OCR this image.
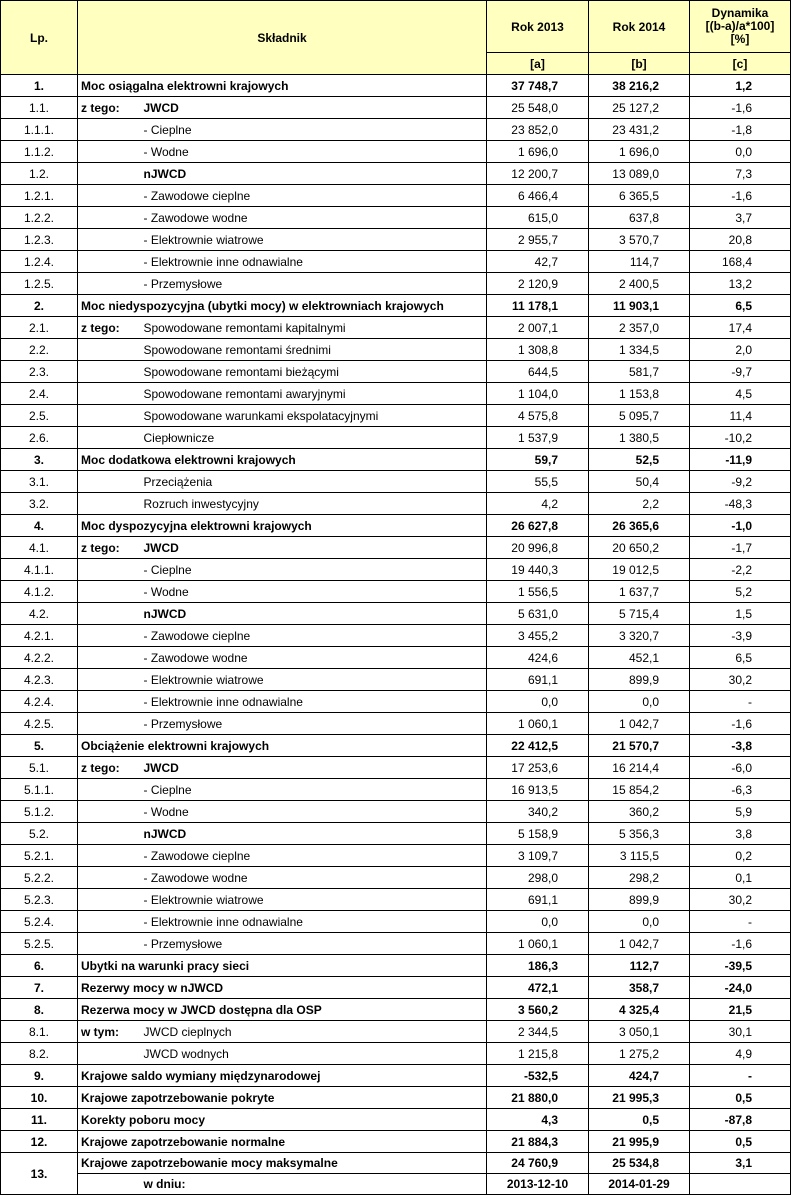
Lp.	Składnik		Rok 2013	Rok 2014	Dynamika
[(b-a)/a*100]
[%]
			[a]	[b]	[c]
1.	Moc osiągalna elektrowni krajowych		37 748,7	38 216,2	1,2
1.1.	z tego:	JWCD	25 548,0	25 127,2	-1,6
1.1.1.		- Cieplne	23 852,0	23 431,2	-1,8
1.1.2.		- Wodne	1 696,0	1 696,0	0,0
1.2.		nJWCD	12 200,7	13 089,0	7,3
1.2.1.		- Zawodowe cieplne	6 466,4	6 365,5	-1,6
1.2.2.		- Zawodowe wodne	615,0	637,8	3,7
1.2.3.		- Elektrownie wiatrowe	2 955,7	3 570,7	20,8
1.2.4.		- Elektrownie inne odnawialne	42,7	114,7	168,4
1.2.5.		- Przemysłowe	2 120,9	2 400,5	13,2
2.	Moc niedyspozycyjna (ubytki mocy) w elektrowniach krajowych		11 178,1	11 903,1	6,5
2.1.	z tego:	Spowodowane remontami kapitalnymi	2 007,1	2 357,0	17,4
2.2.		Spowodowane remontami średnimi	1 308,8	1 334,5	2,0
2.3.		Spowodowane remontami bieżącymi	644,5	581,7	-9,7
2.4.		Spowodowane remontami awaryjnymi	1 104,0	1 153,8	4,5
2.5.		Spowodowane warunkami ekspolatacyjnymi	4 575,8	5 095,7	11,4
2.6.		Ciepłownicze	1 537,9	1 380,5	-10,2
3.	Moc dodatkowa elektrowni krajowych		59,7	52,5	-11,9
3.1.		Przeciążenia	55,5	50,4	-9,2
3.2.		Rozruch inwestycyjny	4,2	2,2	-48,3
4.	Moc dyspozycyjna elektrowni krajowych		26 627,8	26 365,6	-1,0
4.1.	z tego:	JWCD	20 996,8	20 650,2	-1,7
4.1.1.		- Cieplne	19 440,3	19 012,5	-2,2
4.1.2.		- Wodne	1 556,5	1 637,7	5,2
4.2.		nJWCD	5 631,0	5 715,4	1,5
4.2.1.		- Zawodowe cieplne	3 455,2	3 320,7	-3,9
4.2.2.		- Zawodowe wodne	424,6	452,1	6,5
4.2.3.		- Elektrownie wiatrowe	691,1	899,9	30,2
4.2.4.		- Elektrownie inne odnawialne	0,0	0,0	-
4.2.5.		- Przemysłowe	1 060,1	1 042,7	-1,6
5.	Obciążenie elektrowni krajowych		22 412,5	21 570,7	-3,8
5.1.	z tego:	JWCD	17 253,6	16 214,4	-6,0
5.1.1.		- Cieplne	16 913,5	15 854,2	-6,3
5.1.2.		- Wodne	340,2	360,2	5,9
5.2.		nJWCD	5 158,9	5 356,3	3,8
5.2.1.		- Zawodowe cieplne	3 109,7	3 115,5	0,2
5.2.2.		- Zawodowe wodne	298,0	298,2	0,1
5.2.3.		- Elektrownie wiatrowe	691,1	899,9	30,2
5.2.4.		- Elektrownie inne odnawialne	0,0	0,0	-
5.2.5.		- Przemysłowe	1 060,1	1 042,7	-1,6
6.	Ubytki na warunki pracy sieci		186,3	112,7	-39,5
7.	Rezerwy mocy w nJWCD		472,1	358,7	-24,0
8.	Rezerwa mocy w JWCD dostępna dla OSP		3 560,2	4 325,4	21,5
8.1.	w tym:	JWCD cieplnych	2 344,5	3 050,1	30,1
8.2.		JWCD wodnych	1 215,8	1 275,2	4,9
9.	Krajowe saldo wymiany międzynarodowej		-532,5	424,7	-
10.	Krajowe zapotrzebowanie pokryte		21 880,0	21 995,3	0,5
11.	Korekty poboru mocy		4,3	0,5	-87,8
12.	Krajowe zapotrzebowanie normalne		21 884,3	21 995,9	0,5
13.	Krajowe zapotrzebowanie mocy maksymalne		24 760,9	25 534,8	3,1
		w dniu:	2013-12-10	2014-01-29	
